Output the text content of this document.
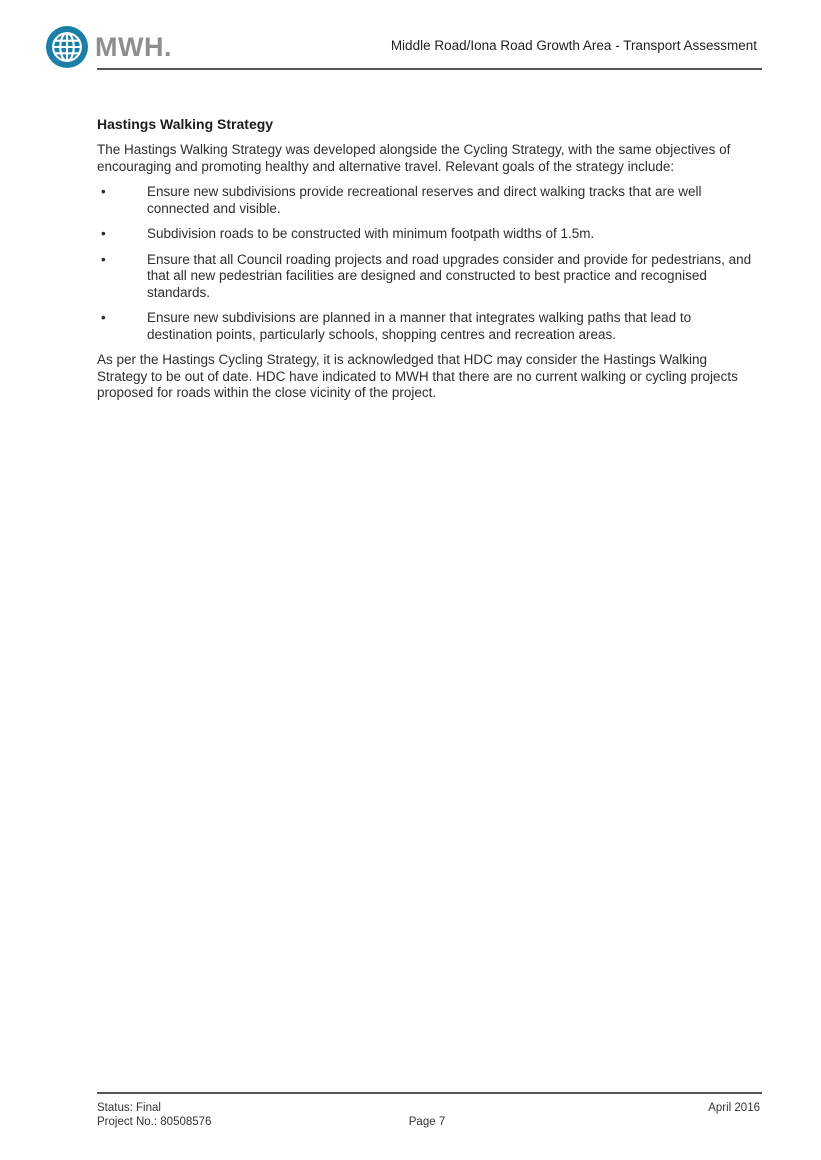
MWH.	Middle Road/Iona Road Growth Area - Transport Assessment
Hastings Walking Strategy

The Hastings Walking Strategy was developed alongside the Cycling Strategy, with the same objectives of encouraging and promoting healthy and alternative travel. Relevant goals of the strategy include:

•	Ensure new subdivisions provide recreational reserves and direct walking tracks that are well connected and visible.
•	Subdivision roads to be constructed with minimum footpath widths of 1.5m.
•	Ensure that all Council roading projects and road upgrades consider and provide for pedestrians, and that all new pedestrian facilities are designed and constructed to best practice and recognised standards.
•	Ensure new subdivisions are planned in a manner that integrates walking paths that lead to destination points, particularly schools, shopping centres and recreation areas.

As per the Hastings Cycling Strategy, it is acknowledged that HDC may consider the Hastings Walking Strategy to be out of date. HDC have indicated to MWH that there are no current walking or cycling projects proposed for roads within the close vicinity of the project.

Status: Final
Project No.: 80508576
April 2016
Page 7
